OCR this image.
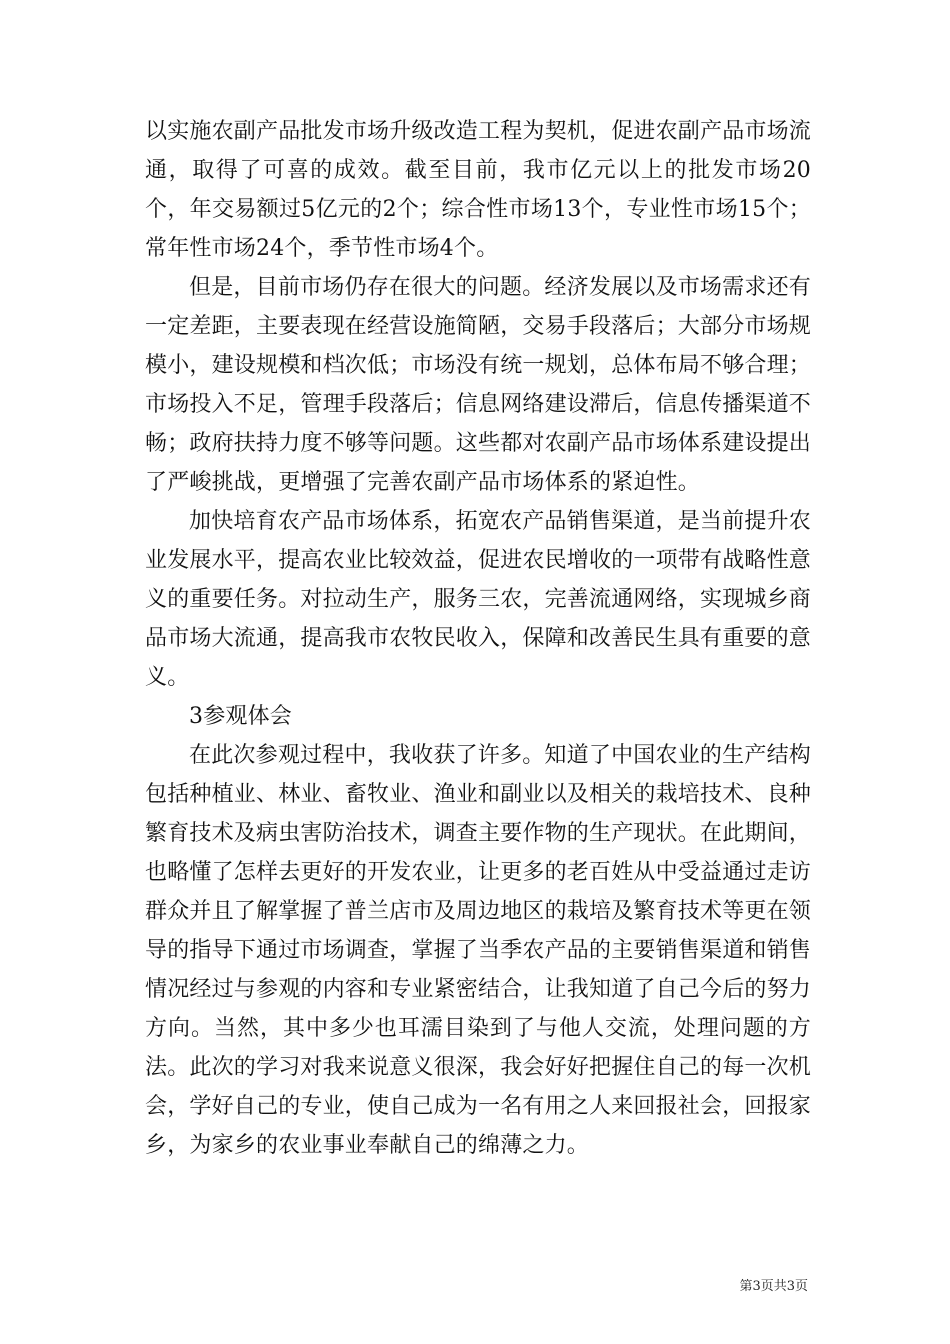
以实施农副产品批发市场升级改造工程为契机，促进农副产品市场流通，取得了可喜的成效。截至目前，我市亿元以上的批发市场20个，年交易额过5亿元的2个；综合性市场13个，专业性市场15个；常年性市场24个，季节性市场4个。

但是，目前市场仍存在很大的问题。经济发展以及市场需求还有一定差距，主要表现在经营设施简陋，交易手段落后；大部分市场规模小，建设规模和档次低；市场没有统一规划，总体布局不够合理；市场投入不足，管理手段落后；信息网络建设滞后，信息传播渠道不畅；政府扶持力度不够等问题。这些都对农副产品市场体系建设提出了严峻挑战，更增强了完善农副产品市场体系的紧迫性。

加快培育农产品市场体系，拓宽农产品销售渠道，是当前提升农业发展水平，提高农业比较效益，促进农民增收的一项带有战略性意义的重要任务。对拉动生产，服务三农，完善流通网络，实现城乡商品市场大流通，提高我市农牧民收入，保障和改善民生具有重要的意义。

3参观体会

在此次参观过程中，我收获了许多。知道了中国农业的生产结构包括种植业、林业、畜牧业、渔业和副业以及相关的栽培技术、良种繁育技术及病虫害防治技术，调查主要作物的生产现状。在此期间，也略懂了怎样去更好的开发农业，让更多的老百姓从中受益通过走访群众并且了解掌握了普兰店市及周边地区的栽培及繁育技术等更在领导的指导下通过市场调查，掌握了当季农产品的主要销售渠道和销售情况经过与参观的内容和专业紧密结合，让我知道了自己今后的努力方向。当然，其中多少也耳濡目染到了与他人交流，处理问题的方法。此次的学习对我来说意义很深，我会好好把握住自己的每一次机会，学好自己的专业，使自己成为一名有用之人来回报社会，回报家乡，为家乡的农业事业奉献自己的绵薄之力。

第3页共3页
